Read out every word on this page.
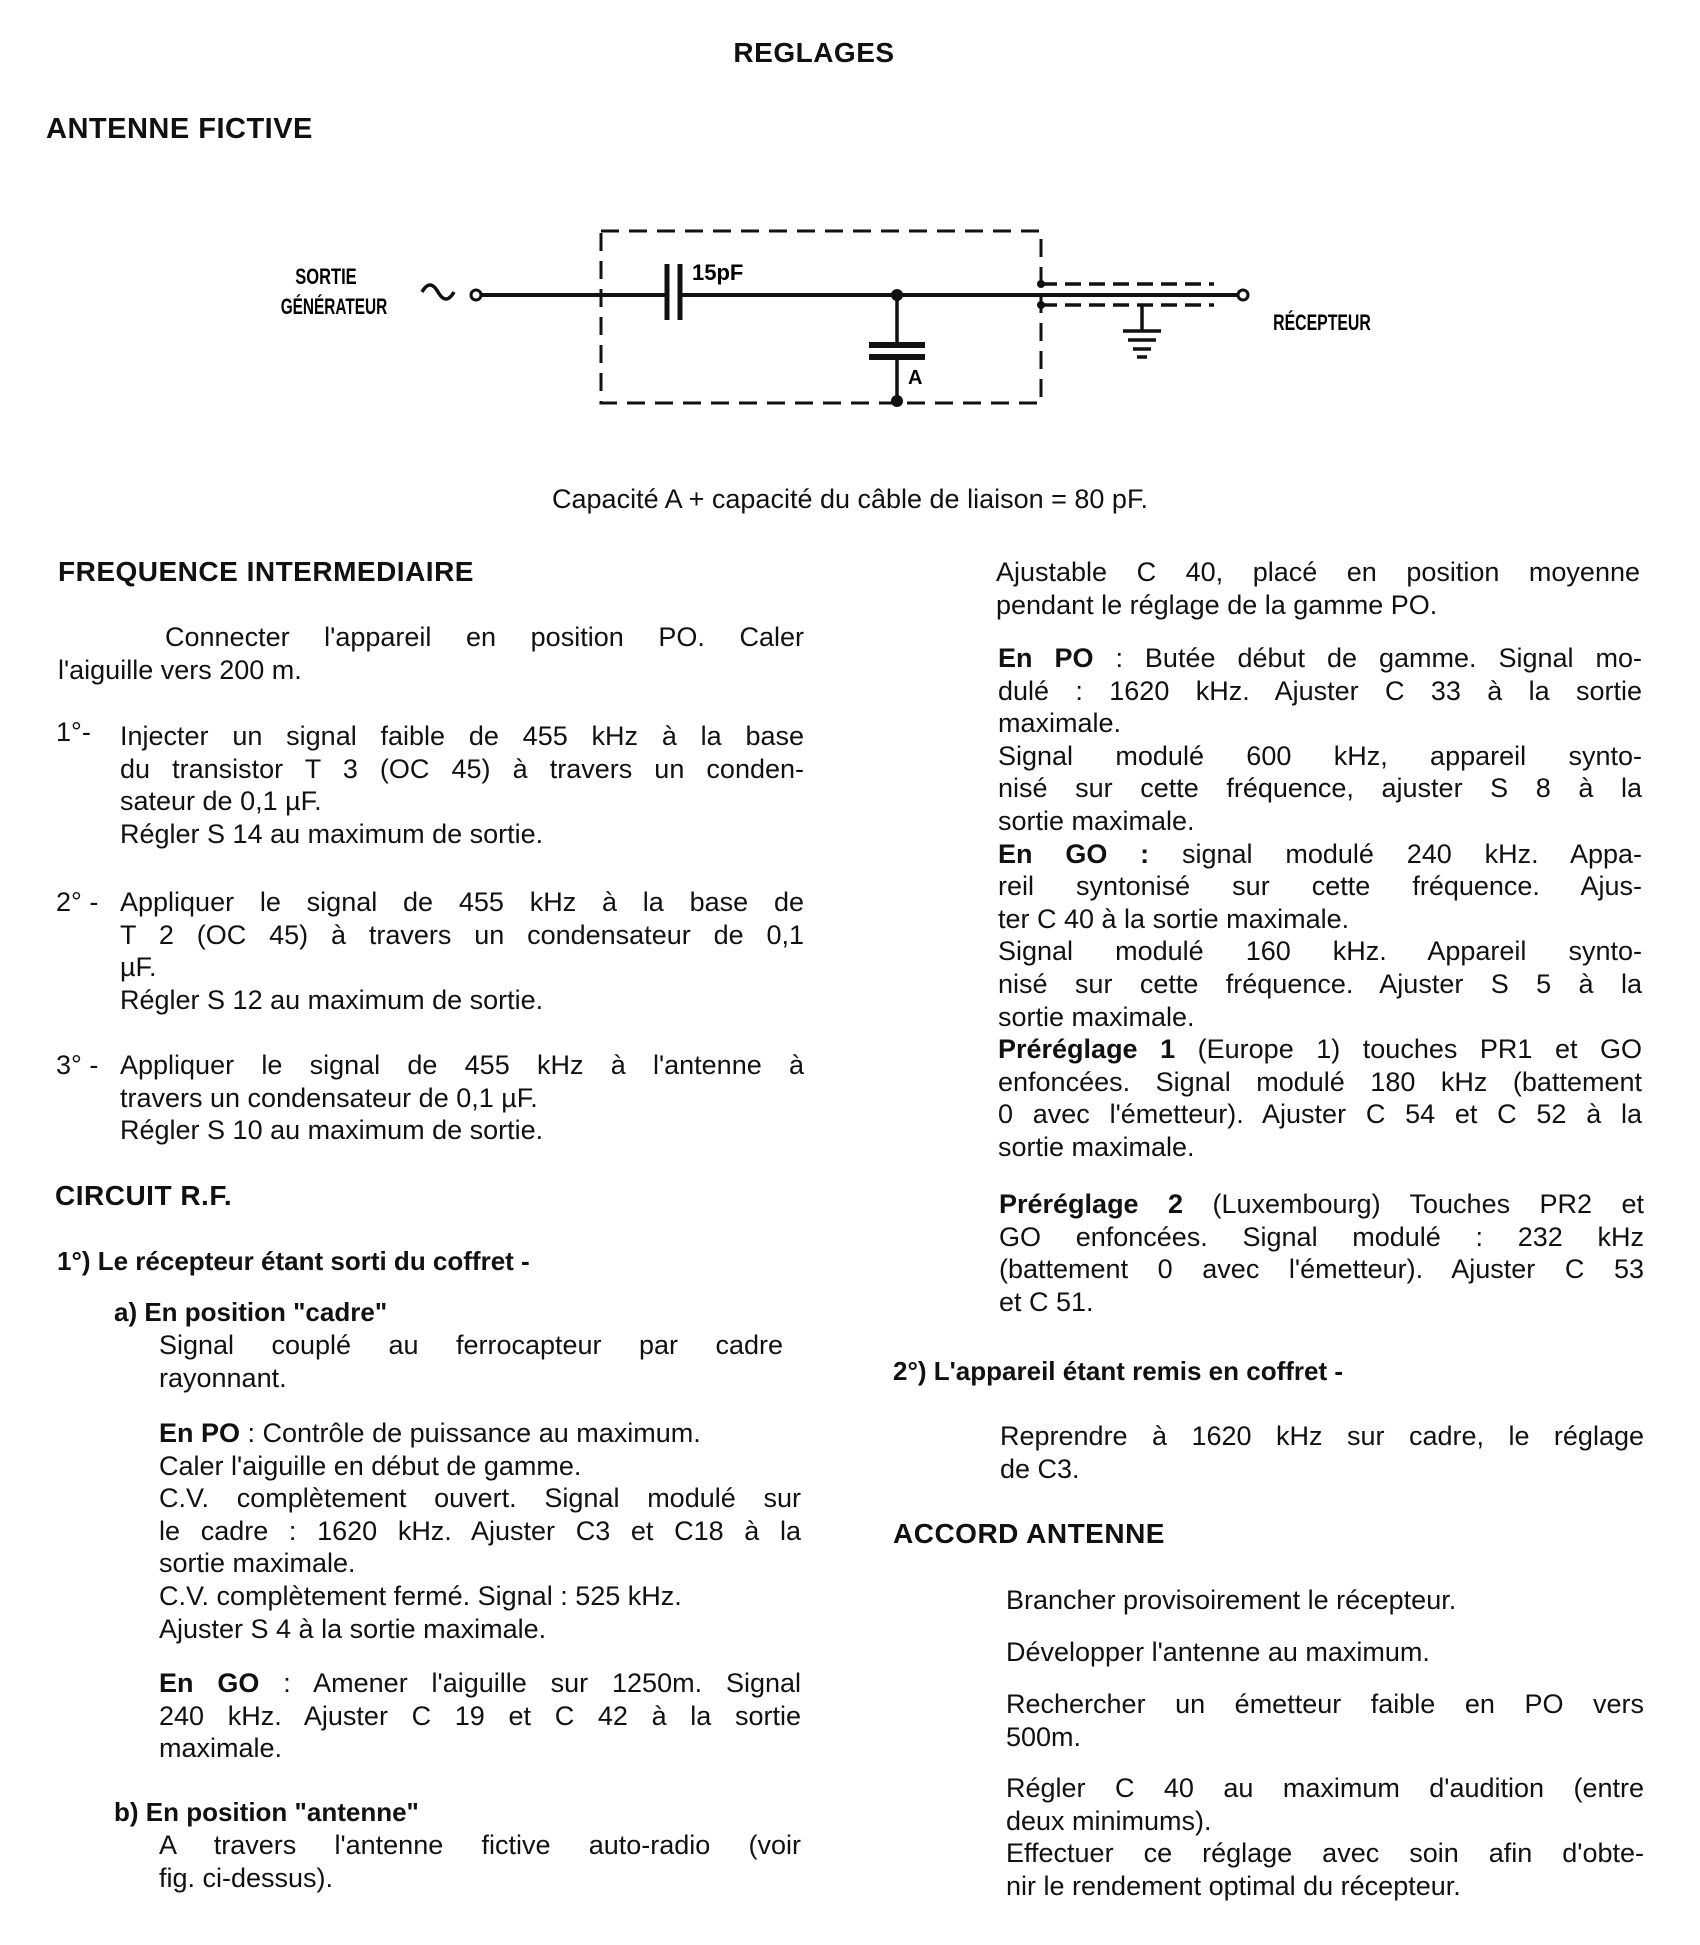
REGLAGES
ANTENNE FICTIVE
SORTIE
GÉNÉRATEUR
15pF
A
RÉCEPTEUR
Capacité A + capacité du câble de liaison = 80 pF.
FREQUENCE INTERMEDIAIRE
Connecter l'appareil en position PO. Caler
l'aiguille vers 200 m.
1°- Injecter un signal faible de 455 kHz à la base
du transistor T 3 (OC 45) à travers un conden-
sateur de 0,1 µF.
Régler S 14 au maximum de sortie.
2° - Appliquer le signal de 455 kHz à la base de
T 2 (OC 45) à travers un condensateur de 0,1
µF.
Régler S 12 au maximum de sortie.
3° - Appliquer le signal de 455 kHz à l'antenne à
travers un condensateur de 0,1 µF.
Régler S 10 au maximum de sortie.
CIRCUIT R.F.
1°) Le récepteur étant sorti du coffret -
a) En position "cadre"
Signal couplé au ferrocapteur par cadre
rayonnant.
En PO : Contrôle de puissance au maximum.
Caler l'aiguille en début de gamme.
C.V. complètement ouvert. Signal modulé sur
le cadre : 1620 kHz. Ajuster C3 et C18 à la
sortie maximale.
C.V. complètement fermé. Signal : 525 kHz.
Ajuster S 4 à la sortie maximale.
En GO : Amener l'aiguille sur 1250m. Signal
240 kHz. Ajuster C 19 et C 42 à la sortie
maximale.
b) En position "antenne"
A travers l'antenne fictive auto-radio (voir
fig. ci-dessus).
Ajustable C 40, placé en position moyenne
pendant le réglage de la gamme PO.
En PO : Butée début de gamme. Signal mo-
dulé : 1620 kHz. Ajuster C 33 à la sortie
maximale.
Signal modulé 600 kHz, appareil synto-
nisé sur cette fréquence, ajuster S 8 à la
sortie maximale.
En GO : signal modulé 240 kHz. Appa-
reil syntonisé sur cette fréquence. Ajus-
ter C 40 à la sortie maximale.
Signal modulé 160 kHz. Appareil synto-
nisé sur cette fréquence. Ajuster S 5 à la
sortie maximale.
Préréglage 1 (Europe 1) touches PR1 et GO
enfoncées. Signal modulé 180 kHz (battement
0 avec l'émetteur). Ajuster C 54 et C 52 à la
sortie maximale.
Préréglage 2 (Luxembourg) Touches PR2 et
GO enfoncées. Signal modulé : 232 kHz
(battement 0 avec l'émetteur). Ajuster C 53
et C 51.
2°) L'appareil étant remis en coffret -
Reprendre à 1620 kHz sur cadre, le réglage
de C3.
ACCORD ANTENNE
Brancher provisoirement le récepteur.
Développer l'antenne au maximum.
Rechercher un émetteur faible en PO vers
500m.
Régler C 40 au maximum d'audition (entre
deux minimums).
Effectuer ce réglage avec soin afin d'obte-
nir le rendement optimal du récepteur.
